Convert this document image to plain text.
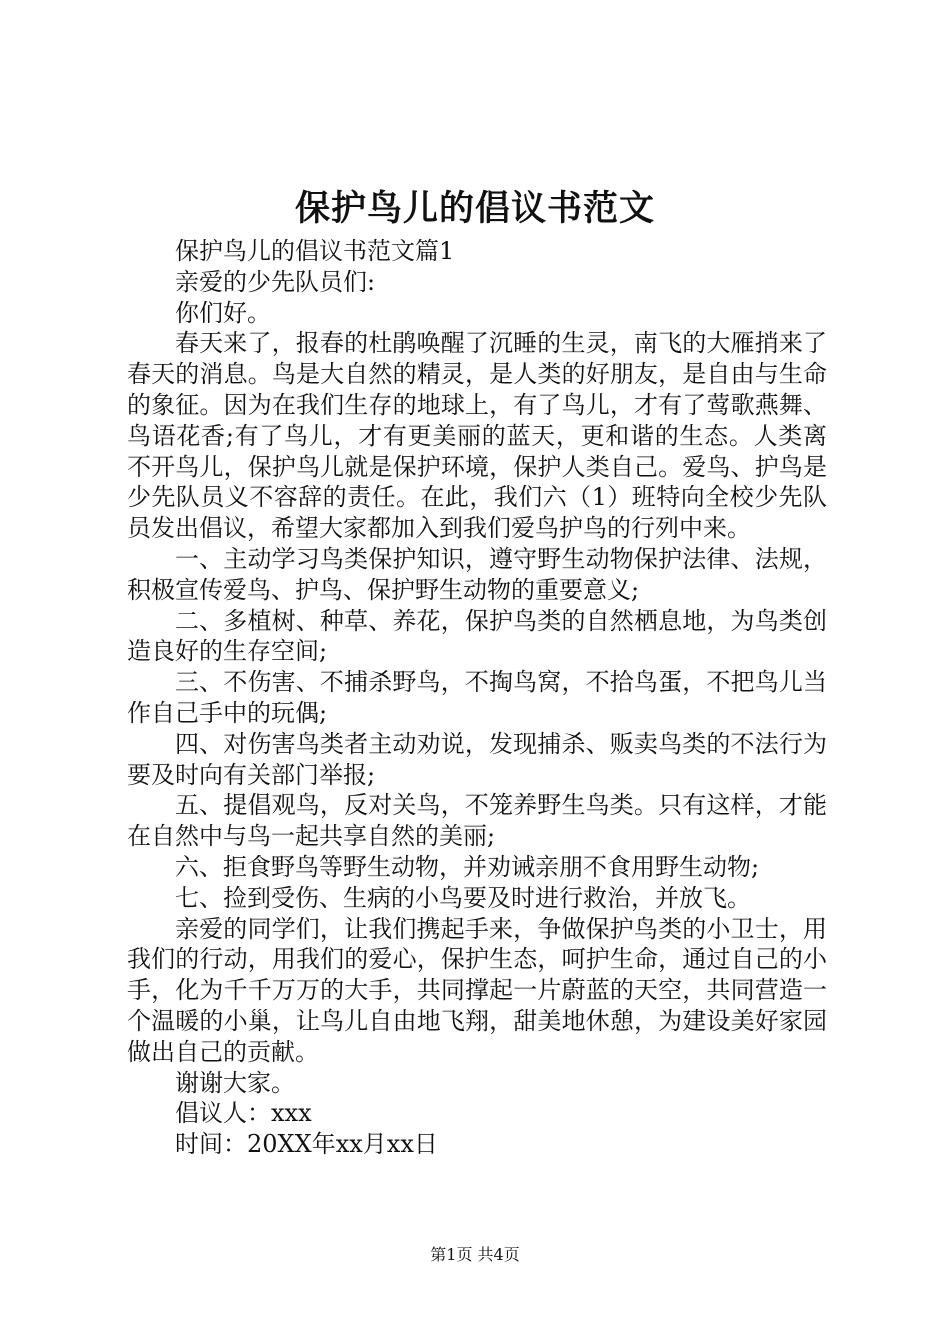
保护鸟儿的倡议书范文

保护鸟儿的倡议书范文篇1

亲爱的少先队员们:

你们好。

春天来了，报春的杜鹃唤醒了沉睡的生灵，南飞的大雁捎来了春天的消息。鸟是大自然的精灵，是人类的好朋友，是自由与生命的象征。因为在我们生存的地球上，有了鸟儿，才有了莺歌燕舞、鸟语花香;有了鸟儿，才有更美丽的蓝天，更和谐的生态。人类离不开鸟儿，保护鸟儿就是保护环境，保护人类自己。爱鸟、护鸟是少先队员义不容辞的责任。在此，我们六（1）班特向全校少先队员发出倡议，希望大家都加入到我们爱鸟护鸟的行列中来。

一、主动学习鸟类保护知识，遵守野生动物保护法律、法规，积极宣传爱鸟、护鸟、保护野生动物的重要意义;

二、多植树、种草、养花，保护鸟类的自然栖息地，为鸟类创造良好的生存空间;

三、不伤害、不捕杀野鸟，不掏鸟窝，不拾鸟蛋，不把鸟儿当作自己手中的玩偶;

四、对伤害鸟类者主动劝说，发现捕杀、贩卖鸟类的不法行为要及时向有关部门举报;

五、提倡观鸟，反对关鸟，不笼养野生鸟类。只有这样，才能在自然中与鸟一起共享自然的美丽;

六、拒食野鸟等野生动物，并劝诫亲朋不食用野生动物;

七、捡到受伤、生病的小鸟要及时进行救治，并放飞。

亲爱的同学们，让我们携起手来，争做保护鸟类的小卫士，用我们的行动，用我们的爱心，保护生态，呵护生命，通过自己的小手，化为千千万万的大手，共同撑起一片蔚蓝的天空，共同营造一个温暖的小巢，让鸟儿自由地飞翔，甜美地休憩，为建设美好家园做出自己的贡献。

谢谢大家。

倡议人：xxx

时间：20XX年xx月xx日

第1页 共4页
